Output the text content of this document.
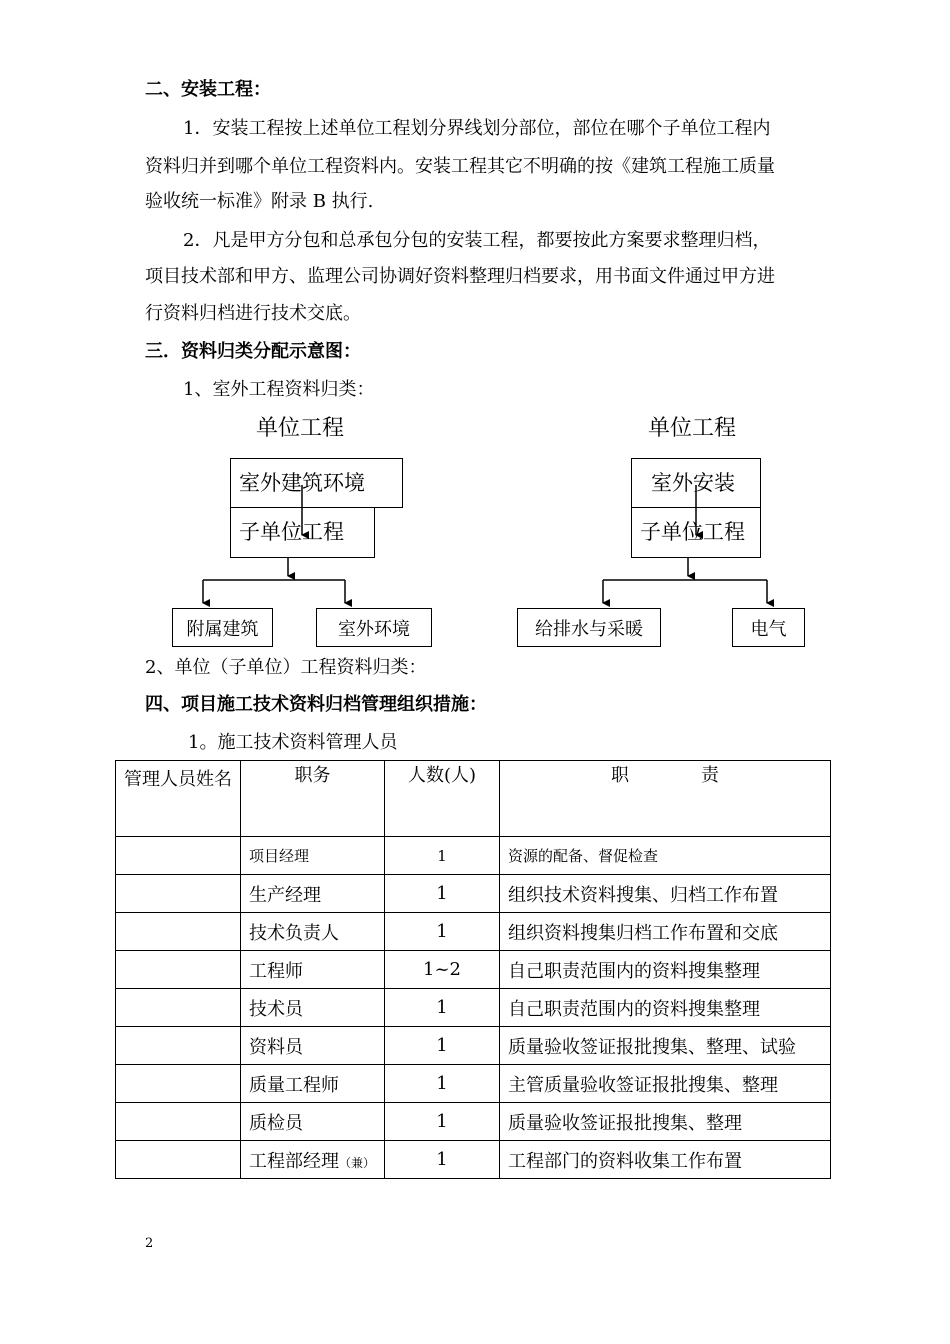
二、安装工程：
1．安装工程按上述单位工程划分界线划分部位，部位在哪个子单位工程内
资料归并到哪个单位工程资料内。安装工程其它不明确的按《建筑工程施工质量
验收统一标准》附录 B 执行.
2．凡是甲方分包和总承包分包的安装工程，都要按此方案要求整理归档，
项目技术部和甲方、监理公司协调好资料整理归档要求，用书面文件通过甲方进
行资料归档进行技术交底。
三．资料归类分配示意图：
1、室外工程资料归类：
单位工程
室外建筑环境
子单位工程
附属建筑	室外环境
单位工程
室外安装
子单位工程
给排水与采暖	电气
2、单位（子单位）工程资料归类：
四、项目施工技术资料归档管理组织措施：
1。施工技术资料管理人员
管理人员姓名	职务	人数(人)	职　　　　责
	项目经理	1	资源的配备、督促检查
	生产经理	1	组织技术资料搜集、归档工作布置
	技术负责人	1	组织资料搜集归档工作布置和交底
	工程师	1~2	自己职责范围内的资料搜集整理
	技术员	1	自己职责范围内的资料搜集整理
	资料员	1	质量验收签证报批搜集、整理、试验
	质量工程师	1	主管质量验收签证报批搜集、整理
	质检员	1	质量验收签证报批搜集、整理
	工程部经理（兼）	1	工程部门的资料收集工作布置
2
